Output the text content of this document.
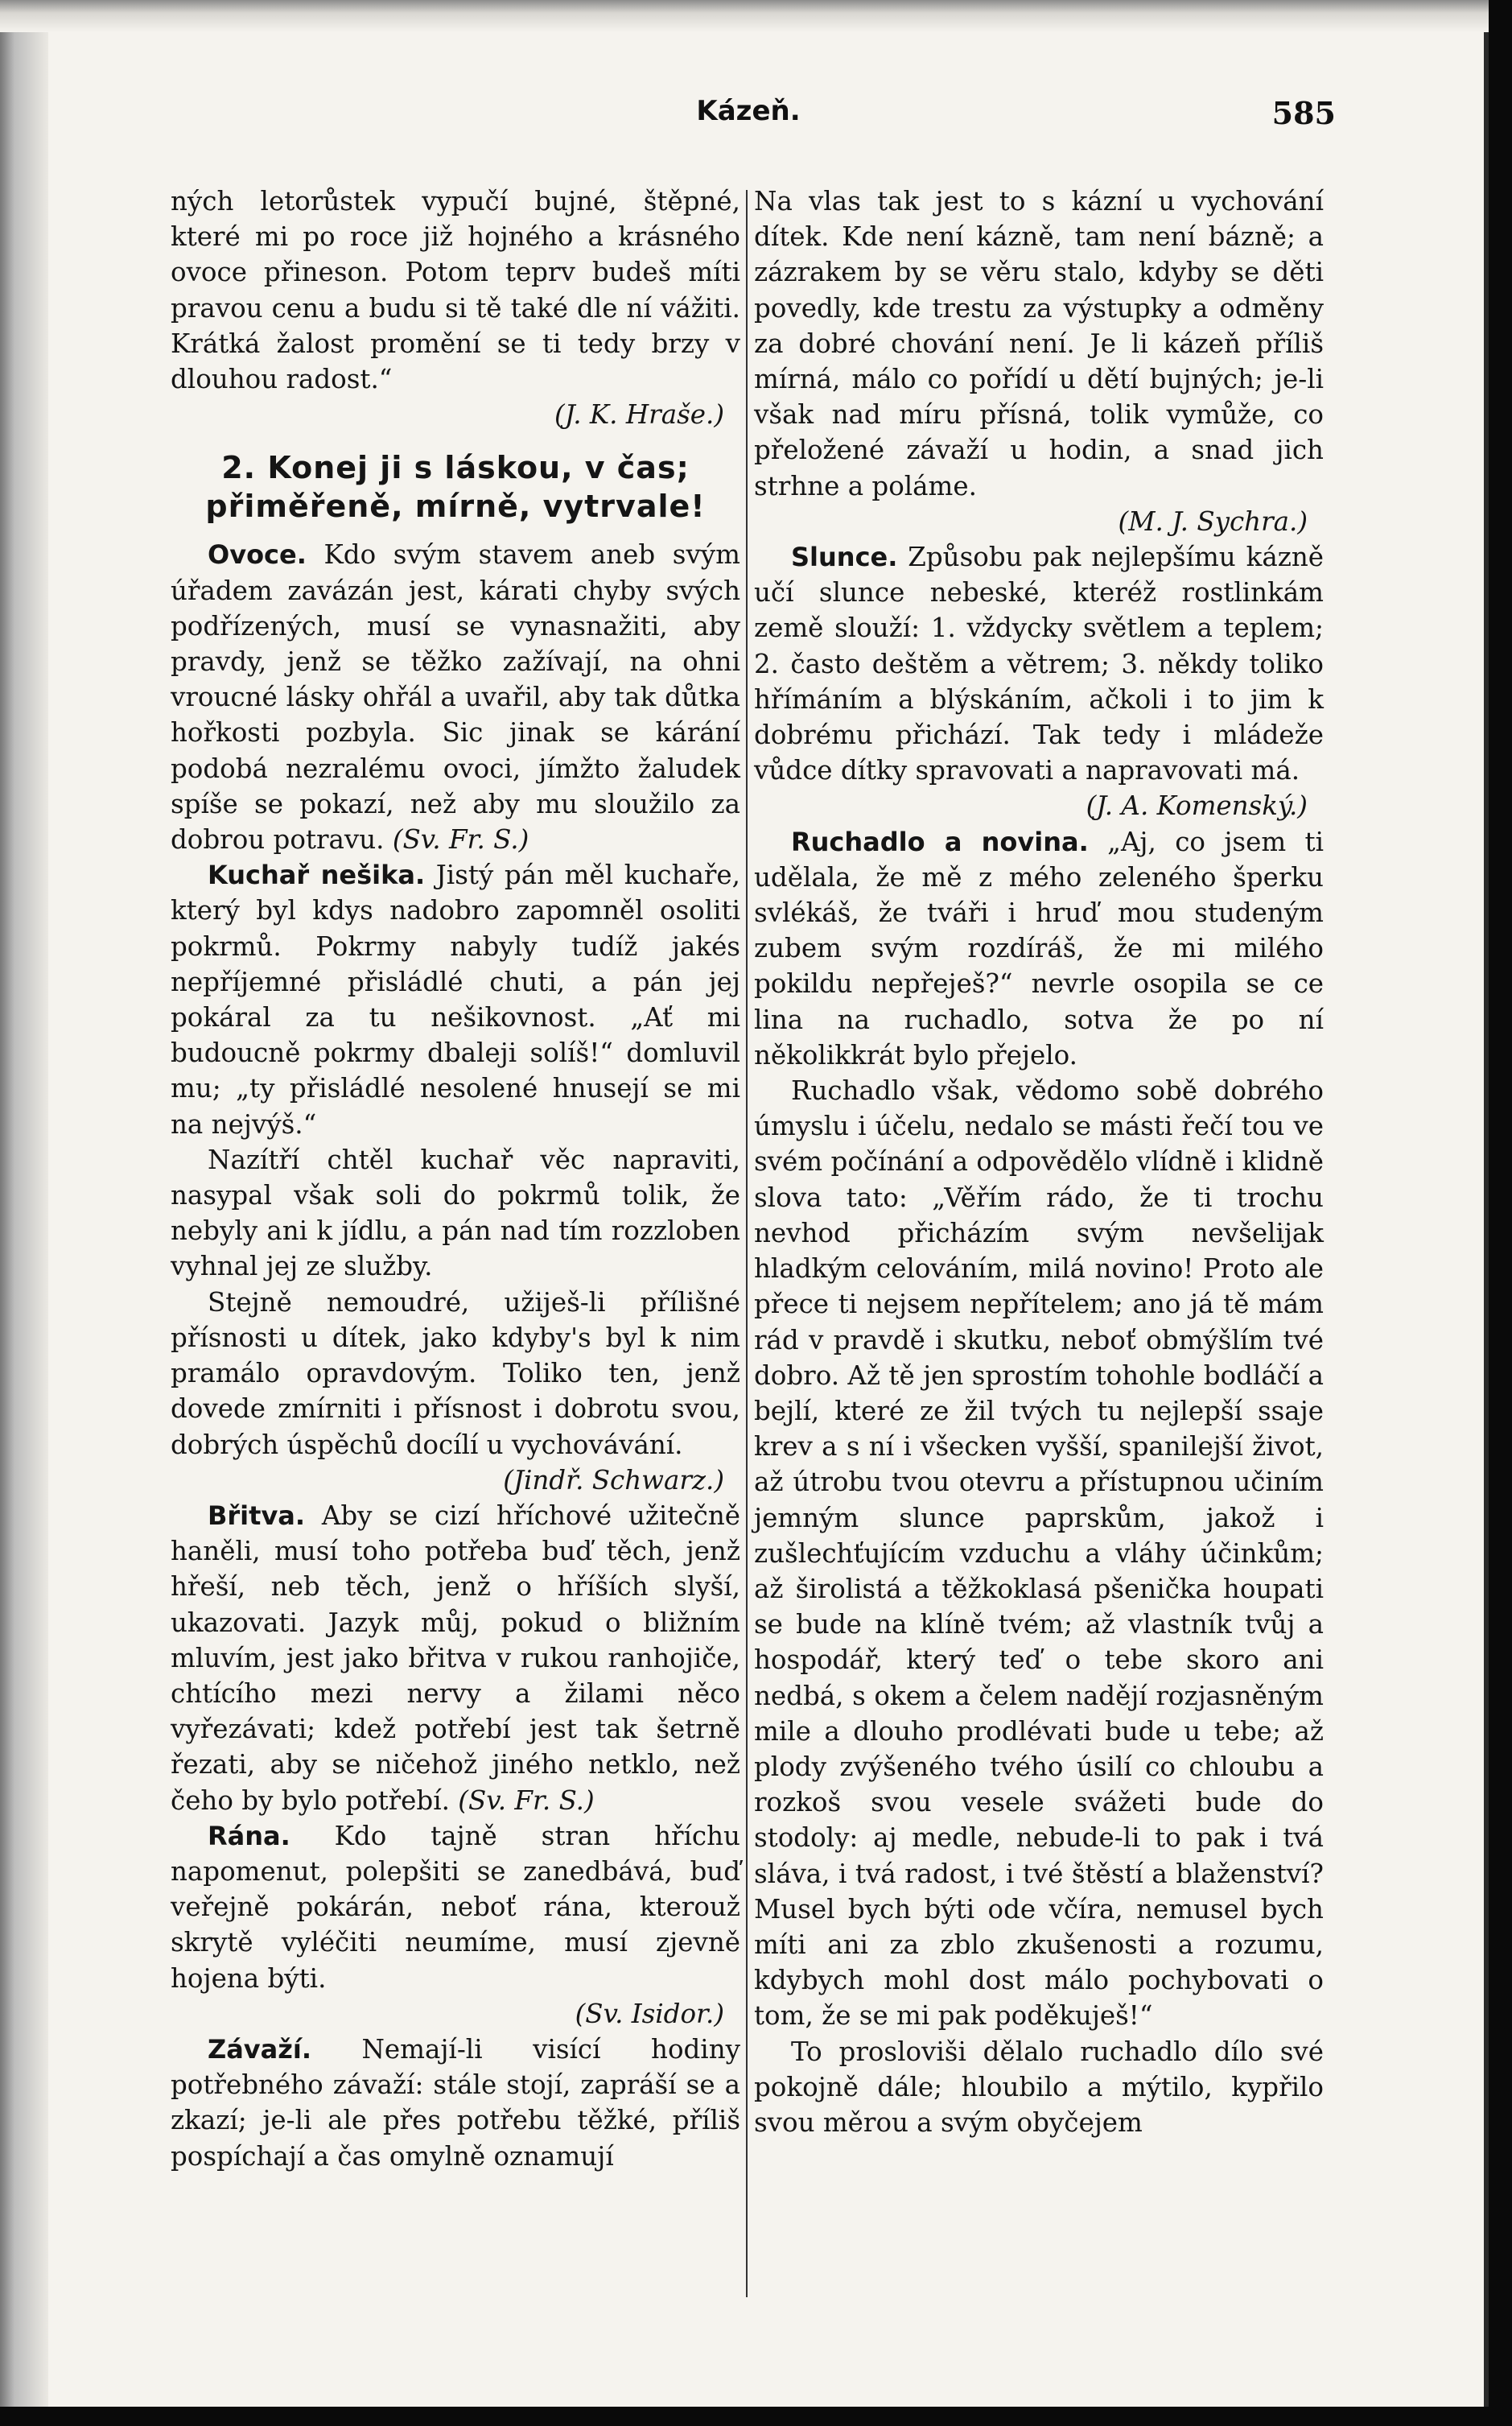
Kázeň.	585

ných letorůstek vypučí bujné, štěpné, které mi po roce již hojného a krásného ovoce přineson. Potom teprv budeš míti pravou cenu a budu si tě také dle ní vážiti. Krátká žalost promění se ti tedy brzy v dlouhou radost.“
(J. K. Hraše.)

2. Konej ji s láskou, v čas; přiměřeně, mírně, vytrvale!

Ovoce. Kdo svým stavem aneb svým úřadem zavázán jest, kárati chyby svých podřízených, musí se vynasnažiti, aby pravdy, jenž se těžko zažívají, na ohni vroucné lásky ohřál a uvařil, aby tak důtka hořkosti pozbyla. Sic jinak se kárání podobá nezralému ovoci, jímžto žaludek spíše se pokazí, než aby mu sloužilo za dobrou potravu. (Sv. Fr. S.)

Kuchař nešika. Jistý pán měl kuchaře, který byl kdys nadobro zapomněl osoliti pokrmů. Pokrmy nabyly tudíž jakés nepříjemné přisládlé chuti, a pán jej pokáral za tu nešikovnost. „Ať mi budoucně pokrmy dbaleji solíš!“ domluvil mu; „ty přisládlé nesolené hnusejí se mi na nejvýš.“

Nazítří chtěl kuchař věc napraviti, nasypal však soli do pokrmů tolik, že nebyly ani k jídlu, a pán nad tím rozzloben vyhnal jej ze služby.

Stejně nemoudré, užiješ-li přílišné přísnosti u dítek, jako kdyby's byl k nim pramálo opravdovým. Toliko ten, jenž dovede zmírniti i přísnost i dobrotu svou, dobrých úspěchů docílí u vychovávání.
(Jindř. Schwarz.)

Břitva. Aby se cizí hříchové užitečně haněli, musí toho potřeba buď těch, jenž hřeší, neb těch, jenž o hříších slyší, ukazovati. Jazyk můj, pokud o bližním mluvím, jest jako břitva v rukou ranhojiče, chtícího mezi nervy a žilami něco vyřezávati; kdež potřebí jest tak šetrně řezati, aby se ničehož jiného netklo, než čeho by bylo potřebí. (Sv. Fr. S.)

Rána. Kdo tajně stran hříchu napomenut, polepšiti se zanedbává, buď veřejně pokárán, neboť rána, kterouž skrytě vyléčiti neumíme, musí zjevně hojena býti.
(Sv. Isidor.)

Závaží. Nemají-li visící hodiny potřebného závaží: stále stojí, zapráší se a zkazí; je-li ale přes potřebu těžké, příliš pospíchají a čas omylně oznamují

Na vlas tak jest to s kázní u vychování dítek. Kde není kázně, tam není bázně; a zázrakem by se věru stalo, kdyby se děti povedly, kde trestu za výstupky a odměny za dobré chování není. Je li kázeň příliš mírná, málo co pořídí u dětí bujných; je-li však nad míru přísná, tolik vymůže, co přeložené závaží u hodin, a snad jich strhne a poláme.
(M. J. Sychra.)

Slunce. Způsobu pak nejlepšímu kázně učí slunce nebeské, kteréž rostlinkám země slouží: 1. vždycky světlem a teplem; 2. často deštěm a větrem; 3. někdy toliko hřímáním a blýskáním, ačkoli i to jim k dobrému přichází. Tak tedy i mládeže vůdce dítky spravovati a napravovati má.
(J. A. Komenský.)

Ruchadlo a novina. „Aj, co jsem ti udělala, že mě z mého zeleného šperku svlékáš, že tváři i hruď mou studeným zubem svým rozdíráš, že mi milého pokildu nepřeješ?“ nevrle osopila se ce lina na ruchadlo, sotva že po ní několikkrát bylo přejelo.

Ruchadlo však, vědomo sobě dobrého úmyslu i účelu, nedalo se másti řečí tou ve svém počínání a odpovědělo vlídně i klidně slova tato: „Věřím rádo, že ti trochu nevhod přicházím svým nevšelijak hladkým celováním, milá novino! Proto ale přece ti nejsem nepřítelem; ano já tě mám rád v pravdě i skutku, neboť obmýšlím tvé dobro. Až tě jen sprostím tohohle bodláčí a bejlí, které ze žil tvých tu nejlepší ssaje krev a s ní i všecken vyšší, spanilejší život, až útrobu tvou otevru a přístupnou učiním jemným slunce paprskům, jakož i zušlechťujícím vzduchu a vláhy účinkům; až širolistá a těžkoklasá pšenička houpati se bude na klíně tvém; až vlastník tvůj a hospodář, který teď o tebe skoro ani nedbá, s okem a čelem nadějí rozjasněným mile a dlouho prodlévati bude u tebe; až plody zvýšeného tvého úsilí co chloubu a rozkoš svou vesele svážeti bude do stodoly: aj medle, nebude-li to pak i tvá sláva, i tvá radost, i tvé štěstí a blaženství? Musel bych býti ode včíra, nemusel bych míti ani za zblo zkušenosti a rozumu, kdybych mohl dost málo pochybovati o tom, že se mi pak poděkuješ!“

To prosloviši dělalo ruchadlo dílo své pokojně dále; hloubilo a mýtilo, kypřilo svou měrou a svým obyčejem
